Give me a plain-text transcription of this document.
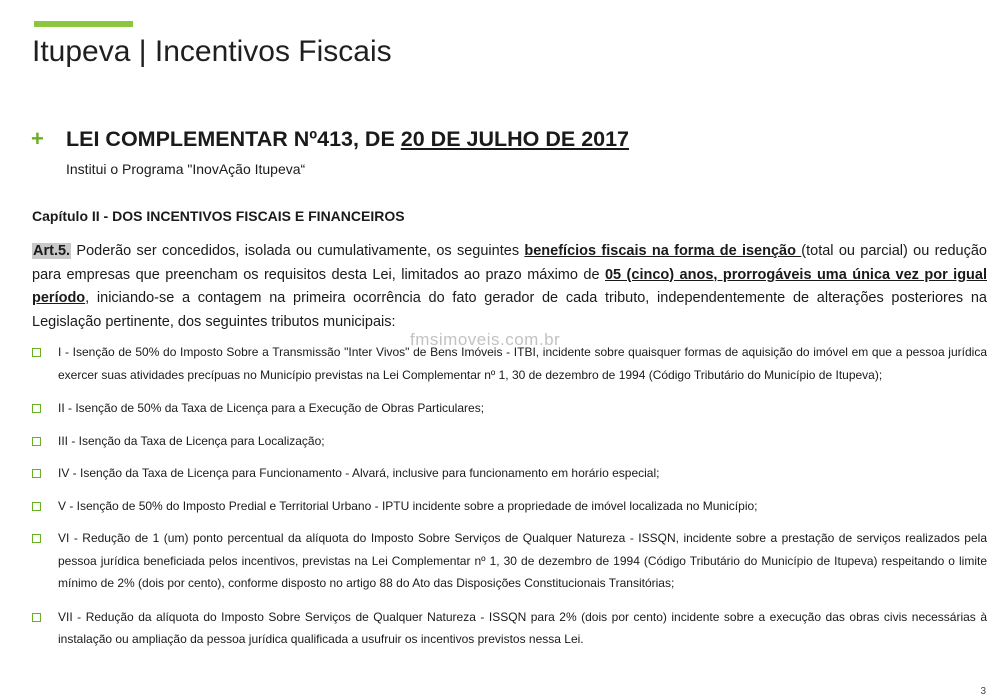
Itupeva | Incentivos Fiscais
+ LEI COMPLEMENTAR Nº413, DE 20 DE JULHO DE 2017
Institui o Programa "InovAção Itupeva“
Capítulo II - DOS INCENTIVOS FISCAIS E FINANCEIROS
Art.5. Poderão ser concedidos, isolada ou cumulativamente, os seguintes benefícios fiscais na forma de isenção (total ou parcial) ou redução para empresas que preencham os requisitos desta Lei, limitados ao prazo máximo de 05 (cinco) anos, prorrogáveis uma única vez por igual período, iniciando-se a contagem na primeira ocorrência do fato gerador de cada tributo, independentemente de alterações posteriores na Legislação pertinente, dos seguintes tributos municipais:
I - Isenção de 50% do Imposto Sobre a Transmissão "Inter Vivos" de Bens Imóveis - ITBI, incidente sobre quaisquer formas de aquisição do imóvel em que a pessoa jurídica exercer suas atividades precípuas no Município previstas na Lei Complementar nº 1, 30 de dezembro de 1994 (Código Tributário do Município de Itupeva);
II - Isenção de 50% da Taxa de Licença para a Execução de Obras Particulares;
III - Isenção da Taxa de Licença para Localização;
IV - Isenção da Taxa de Licença para Funcionamento - Alvará, inclusive para funcionamento em horário especial;
V - Isenção de 50% do Imposto Predial e Territorial Urbano - IPTU incidente sobre a propriedade de imóvel localizada no Município;
VI - Redução de 1 (um) ponto percentual da alíquota do Imposto Sobre Serviços de Qualquer Natureza - ISSQN, incidente sobre a prestação de serviços realizados pela pessoa jurídica beneficiada pelos incentivos, previstas na Lei Complementar nº 1, 30 de dezembro de 1994 (Código Tributário do Município de Itupeva) respeitando o limite mínimo de 2% (dois por cento), conforme disposto no artigo 88 do Ato das Disposições Constitucionais Transitórias;
VII - Redução da alíquota do Imposto Sobre Serviços de Qualquer Natureza - ISSQN para 2% (dois por cento) incidente sobre a execução das obras civis necessárias à instalação ou ampliação da pessoa jurídica qualificada a usufruir os incentivos previstos nessa Lei.
fmsimoveis.com.br
3
